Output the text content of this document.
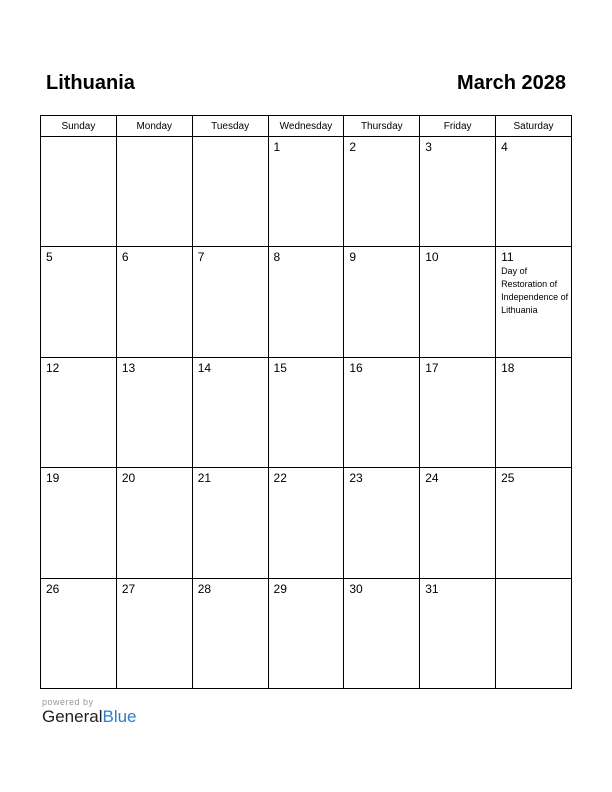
Lithuania	March 2028
Sunday	Monday	Tuesday	Wednesday	Thursday	Friday	Saturday

			1	2	3	4

5	6	7	8	9	10	11
Day of Restoration of Independence of Lithuania

12	13	14	15	16	17	18

19	20	21	22	23	24	25

26	27	28	29	30	31	

powered by
GeneralBlue
